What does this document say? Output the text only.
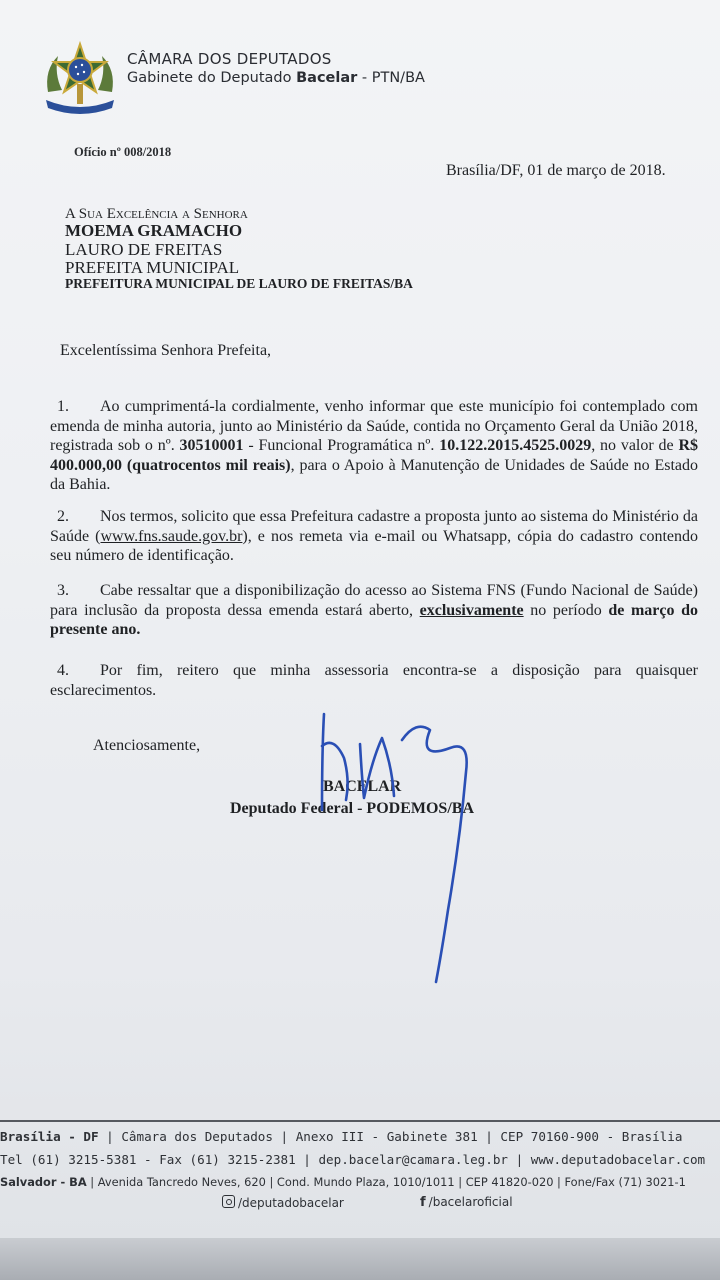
CÂMARA DOS DEPUTADOS
Gabinete do Deputado Bacelar - PTN/BA
Ofício nº 008/2018
Brasília/DF, 01 de março de 2018.
A Sua Excelência a Senhora
MOEMA GRAMACHO
LAURO DE FREITAS
PREFEITA MUNICIPAL
PREFEITURA MUNICIPAL DE LAURO DE FREITAS/BA
Excelentíssima Senhora Prefeita,

1. Ao cumprimentá-la cordialmente, venho informar que este município foi contemplado com emenda de minha autoria, junto ao Ministério da Saúde, contida no Orçamento Geral da União 2018, registrada sob o nº. 30510001 - Funcional Programática nº. 10.122.2015.4525.0029, no valor de R$ 400.000,00 (quatrocentos mil reais), para o Apoio à Manutenção de Unidades de Saúde no Estado da Bahia.

2. Nos termos, solicito que essa Prefeitura cadastre a proposta junto ao sistema do Ministério da Saúde (www.fns.saude.gov.br), e nos remeta via e-mail ou Whatsapp, cópia do cadastro contendo seu número de identificação.

3. Cabe ressaltar que a disponibilização do acesso ao Sistema FNS (Fundo Nacional de Saúde) para inclusão da proposta dessa emenda estará aberto, exclusivamente no período de março do presente ano.

4. Por fim, reitero que minha assessoria encontra-se a disposição para quaisquer esclarecimentos.

Atenciosamente,
BACELAR
Deputado Federal - PODEMOS/BA
Brasília - DF | Câmara dos Deputados | Anexo III - Gabinete 381 | CEP 70160-900 - Brasília
Tel (61) 3215-5381 - Fax (61) 3215-2381 | dep.bacelar@camara.leg.br | www.deputadobacelar.com
Salvador - BA | Avenida Tancredo Neves, 620 | Cond. Mundo Plaza, 1010/1011 | CEP 41820-020 | Fone/Fax (71) 3021-1
/deputadobacelar	f /bacelaroficial
